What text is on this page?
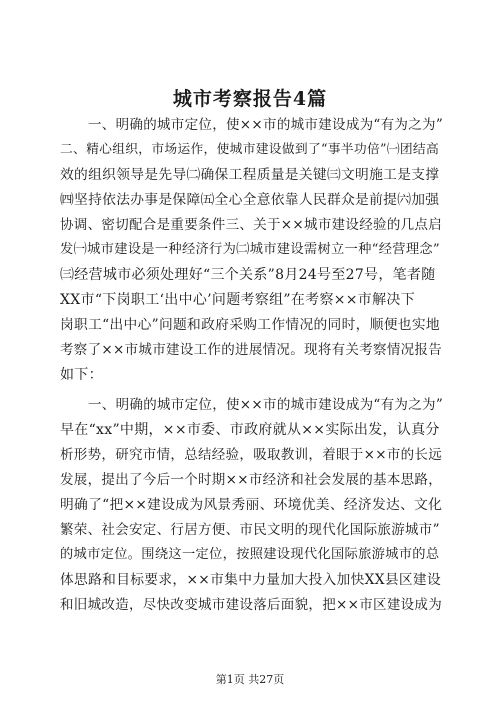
城市考察报告4篇
一、明确的城市定位，使××市的城市建设成为“有为之为”
二、精心组织，市场运作，使城市建设做到了“事半功倍”㈠团结高
效的组织领导是先导㈡确保工程质量是关键㈢文明施工是支撑
㈣坚持依法办事是保障㈤全心全意依靠人民群众是前提㈥加强
协调、密切配合是重要条件三、关于××城市建设经验的几点启
发㈠城市建设是一种经济行为㈡城市建设需树立一种“经营理念”
㈢经营城市必须处理好“三个关系”8月24号至27号，笔者随
XX市“下岗职工‘出中心’问题考察组”在考察××市解决下
岗职工“出中心”问题和政府采购工作情况的同时，顺便也实地
考察了××市城市建设工作的进展情况。现将有关考察情况报告
如下：
一、明确的城市定位，使××市的城市建设成为“有为之为”
早在“xx”中期，××市委、市政府就从××实际出发，认真分
析形势，研究市情，总结经验，吸取教训，着眼于××市的长远
发展，提出了今后一个时期××市经济和社会发展的基本思路，
明确了“把××建设成为风景秀丽、环境优美、经济发达、文化
繁荣、社会安定、行居方便、市民文明的现代化国际旅游城市”
的城市定位。围绕这一定位，按照建设现代化国际旅游城市的总
体思路和目标要求，××市集中力量加大投入加快XX县区建设
和旧城改造，尽快改变城市建设落后面貌，把××市区建设成为
第1页 共27页
